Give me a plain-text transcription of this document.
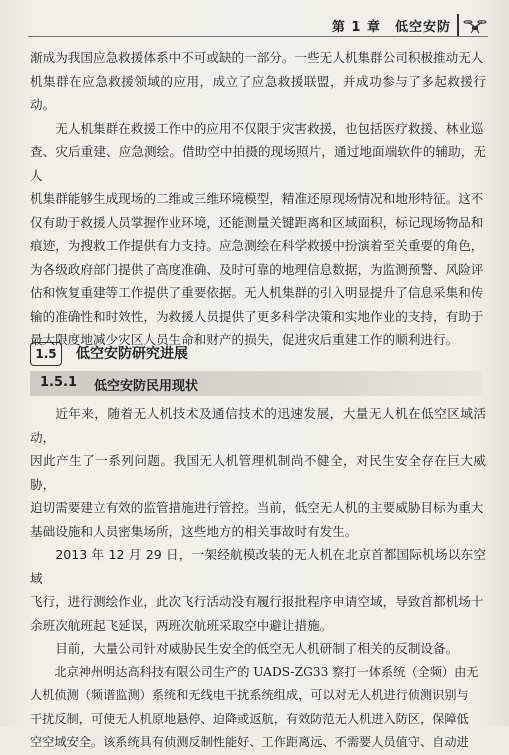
第 1 章　低空安防

渐成为我国应急救援体系中不可或缺的一部分。一些无人机集群公司积极推动无人

机集群在应急救援领域的应用，成立了应急救援联盟，并成功参与了多起救援行动。

无人机集群在救援工作中的应用不仅限于灾害救援，也包括医疗救援、林业巡

查、灾后重建、应急测绘。借助空中拍摄的现场照片，通过地面端软件的辅助，无人

机集群能够生成现场的二维或三维环境模型，精准还原现场情况和地形特征。这不

仅有助于救援人员掌握作业环境，还能测量关键距离和区域面积，标记现场物品和

痕迹，为搜救工作提供有力支持。应急测绘在科学救援中扮演着至关重要的角色，

为各级政府部门提供了高度准确、及时可靠的地理信息数据，为监测预警、风险评

估和恢复重建等工作提供了重要依据。无人机集群的引入明显提升了信息采集和传

输的准确性和时效性，为救援人员提供了更多科学决策和实地作业的支持，有助于

最大限度地减少灾区人员生命和财产的损失，促进灾后重建工作的顺利进行。

1.5	低空安防研究进展
1.5.1 低空安防民用现状

近年来，随着无人机技术及通信技术的迅速发展，大量无人机在低空区域活动，

因此产生了一系列问题。我国无人机管理机制尚不健全，对民生安全存在巨大威胁，

迫切需要建立有效的监管措施进行管控。当前，低空无人机的主要威胁目标为重大

基础设施和人员密集场所，这些地方的相关事故时有发生。

2013 年 12 月 29 日，一架经航模改装的无人机在北京首都国际机场以东空域

飞行，进行测绘作业，此次飞行活动没有履行报批程序申请空域，导致首都机场十

余班次航班起飞延误，两班次航班采取空中避让措施。

目前，大量公司针对威胁民生安全的低空无人机研制了相关的反制设备。

北京神州明达高科技有限公司生产的 UADS-ZG33 察打一体系统（全频）由无

人机侦测（频谱监测）系统和无线电干扰系统组成，可以对无人机进行侦测识别与

干扰反制，可使无人机原地悬停、迫降或返航，有效防范无人机进入防区，保障低

空空域安全。该系统具有侦测反制性能好、工作距离远、不需要人员值守、自动进
